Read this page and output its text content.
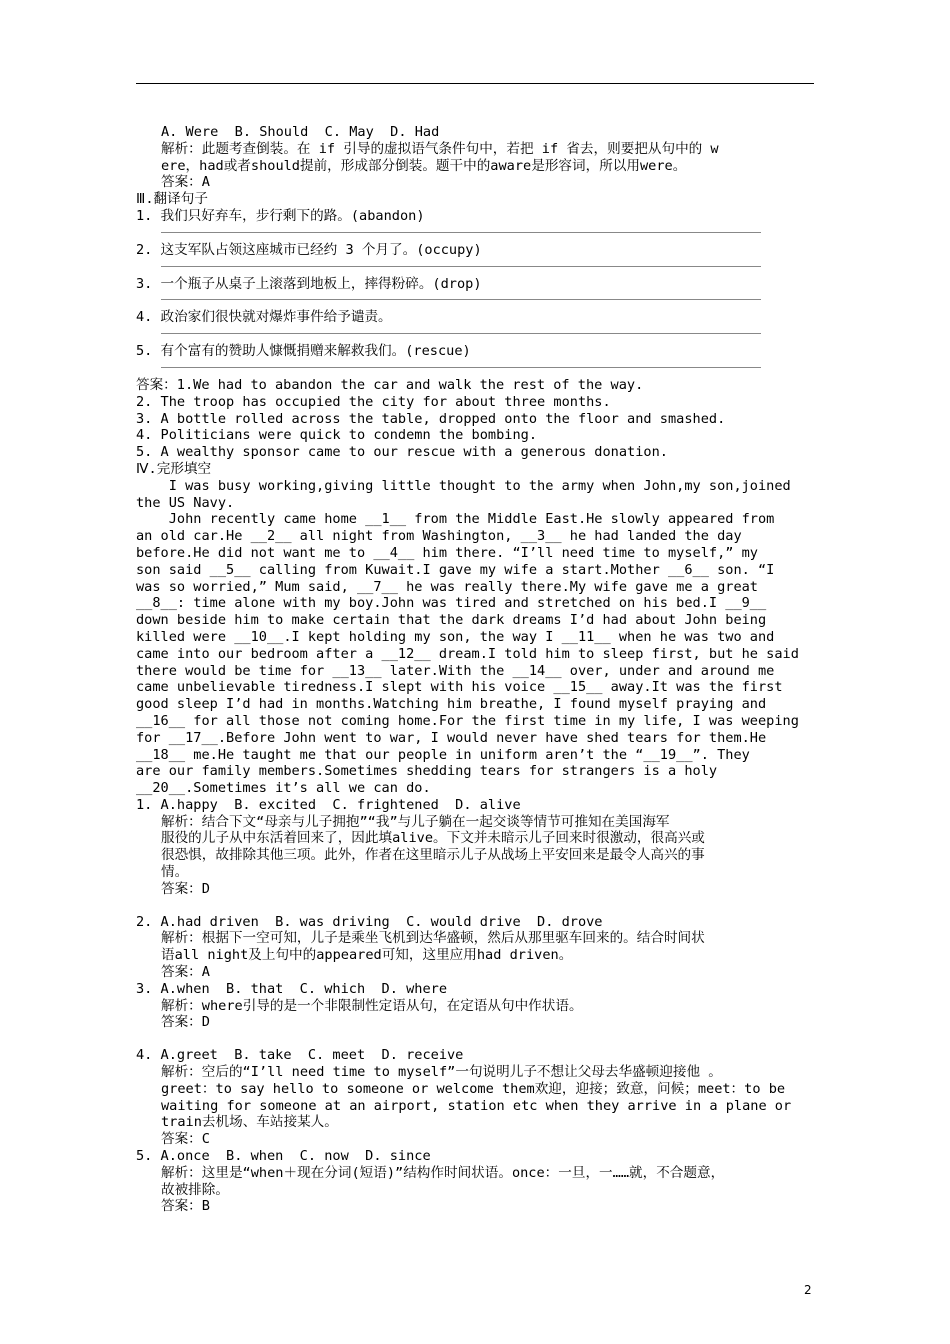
A. Were  B. Should  C. May  D. Had

解析：此题考查倒装。在 if 引导的虚拟语气条件句中，若把 if 省去，则要把从句中的 w

ere，had或者should提前，形成部分倒装。题干中的aware是形容词，所以用were。

答案：A

Ⅲ.翻译句子

1. 我们只好弃车，步行剩下的路。(abandon)

2. 这支军队占领这座城市已经约 3 个月了。(occupy)

3. 一个瓶子从桌子上滚落到地板上，摔得粉碎。(drop)

4. 政治家们很快就对爆炸事件给予谴责。

5. 有个富有的赞助人慷慨捐赠来解救我们。(rescue)

答案：1.We had to abandon the car and walk the rest of the way.

2. The troop has occupied the city for about three months.

3. A bottle rolled across the table, dropped onto the floor and smashed.

4. Politicians were quick to condemn the bombing.

5. A wealthy sponsor came to our rescue with a generous donation.

Ⅳ.完形填空

I was busy working,giving little thought to the army when John,my son,joined

the US Navy.

John recently came home __1__ from the Middle East.He slowly appeared from

an old car.He __2__ all night from Washington, __3__ he had landed the day

before.He did not want me to __4__ him there. “I’ll need time to myself,” my

son said __5__ calling from Kuwait.I gave my wife a start.Mother __6__ son. “I

was so worried,” Mum said, __7__ he was really there.My wife gave me a great

__8__: time alone with my boy.John was tired and stretched on his bed.I __9__

down beside him to make certain that the dark dreams I’d had about John being

killed were __10__.I kept holding my son, the way I __11__ when he was two and

came into our bedroom after a __12__ dream.I told him to sleep first, but he said

there would be time for __13__ later.With the __14__ over, under and around me

came unbelievable tiredness.I slept with his voice __15__ away.It was the first

good sleep I’d had in months.Watching him breathe, I found myself praying and

__16__ for all those not coming home.For the first time in my life, I was weeping

for __17__.Before John went to war, I would never have shed tears for them.He

__18__ me.He taught me that our people in uniform aren’t the “__19__”. They

are our family members.Sometimes shedding tears for strangers is a holy

__20__.Sometimes it’s all we can do.

1. A.happy  B. excited  C. frightened  D. alive

解析：结合下文“母亲与儿子拥抱”“我”与儿子躺在一起交谈等情节可推知在美国海军

服役的儿子从中东活着回来了，因此填alive。下文并未暗示儿子回来时很激动，很高兴或

很恐惧，故排除其他三项。此外，作者在这里暗示儿子从战场上平安回来是最令人高兴的事

情。

答案：D

2. A.had driven  B. was driving  C. would drive  D. drove

解析：根据下一空可知，儿子是乘坐飞机到达华盛顿，然后从那里驱车回来的。结合时间状

语all night及上句中的appeared可知，这里应用had driven。

答案：A

3. A.when  B. that  C. which  D. where

解析：where引导的是一个非限制性定语从句，在定语从句中作状语。

答案：D

4. A.greet  B. take  C. meet  D. receive

解析：空后的“I’ll need time to myself”一句说明儿子不想让父母去华盛顿迎接他 。

greet：to say hello to someone or welcome them欢迎，迎接；致意，问候；meet：to be

waiting for someone at an airport, station etc when they arrive in a plane or

train去机场、车站接某人。

答案：C

5. A.once  B. when  C. now  D. since

解析：这里是“when＋现在分词(短语)”结构作时间状语。once：一旦，一……就，不合题意，

故被排除。

答案：B

2
